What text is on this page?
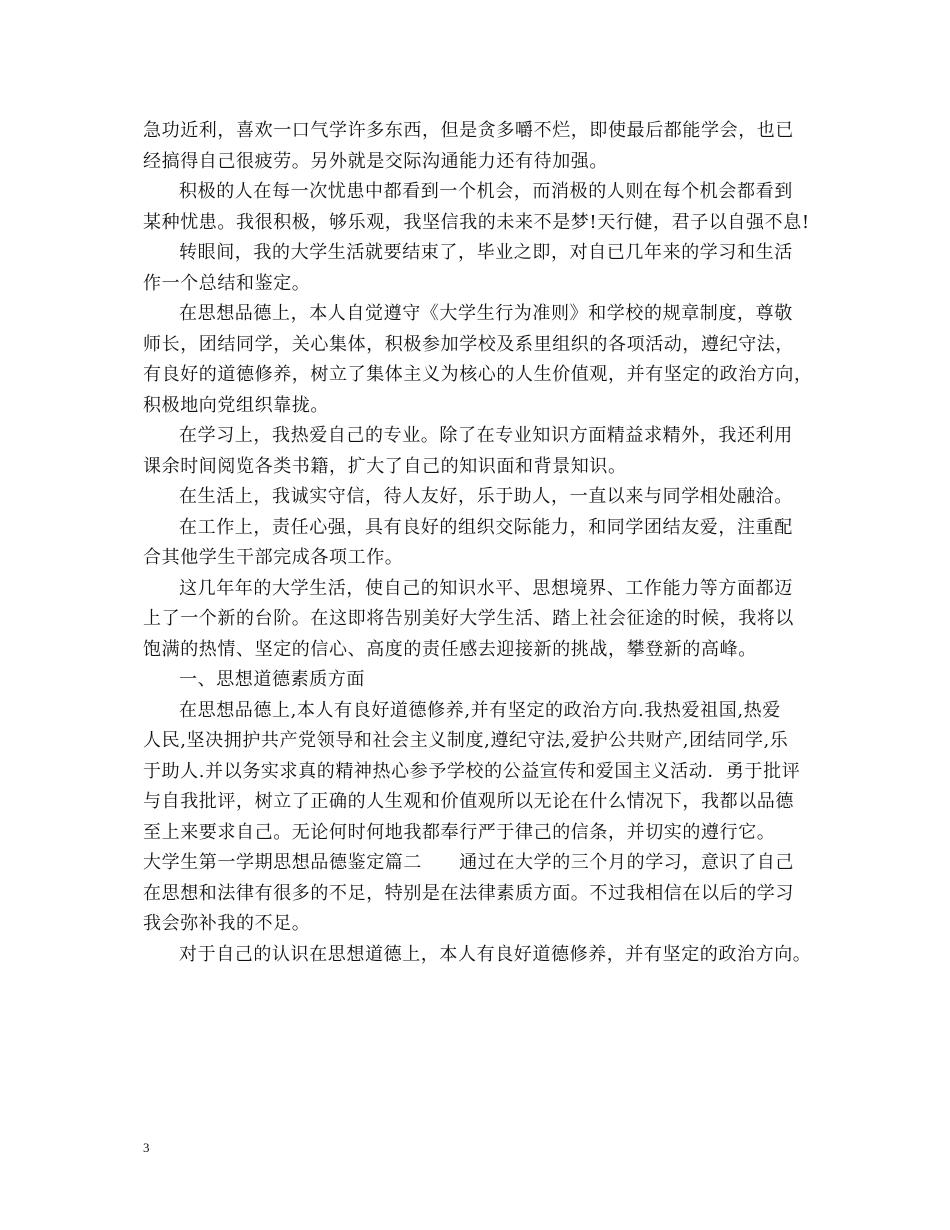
急功近利，喜欢一口气学许多东西，但是贪多嚼不烂，即使最后都能学会，也已
经搞得自己很疲劳。另外就是交际沟通能力还有待加强。
积极的人在每一次忧患中都看到一个机会，而消极的人则在每个机会都看到
某种忧患。我很积极，够乐观，我坚信我的未来不是梦!天行健，君子以自强不息!
转眼间，我的大学生活就要结束了，毕业之即，对自已几年来的学习和生活
作一个总结和鉴定。
在思想品德上，本人自觉遵守《大学生行为准则》和学校的规章制度，尊敬
师长，团结同学，关心集体，积极参加学校及系里组织的各项活动，遵纪守法，
有良好的道德修养，树立了集体主义为核心的人生价值观，并有坚定的政治方向，
积极地向党组织靠拢。
在学习上，我热爱自己的专业。除了在专业知识方面精益求精外，我还利用
课余时间阅览各类书籍，扩大了自己的知识面和背景知识。
在生活上，我诚实守信，待人友好，乐于助人，一直以来与同学相处融洽。
在工作上，责任心强，具有良好的组织交际能力，和同学团结友爱，注重配
合其他学生干部完成各项工作。
这几年年的大学生活，使自己的知识水平、思想境界、工作能力等方面都迈
上了一个新的台阶。在这即将告别美好大学生活、踏上社会征途的时候，我将以
饱满的热情、坚定的信心、高度的责任感去迎接新的挑战，攀登新的高峰。
一、思想道德素质方面
在思想品德上,本人有良好道德修养,并有坚定的政治方向.我热爱祖国,热爱
人民,坚决拥护共产党领导和社会主义制度,遵纪守法,爱护公共财产,团结同学,乐
于助人.并以务实求真的精神热心参予学校的公益宣传和爱国主义活动．勇于批评
与自我批评，树立了正确的人生观和价值观所以无论在什么情况下，我都以品德
至上来要求自己。无论何时何地我都奉行严于律己的信条，并切实的遵行它。
大学生第一学期思想品德鉴定篇二　　通过在大学的三个月的学习，意识了自己
在思想和法律有很多的不足，特别是在法律素质方面。不过我相信在以后的学习
我会弥补我的不足。
对于自己的认识在思想道德上，本人有良好道德修养，并有坚定的政治方向。
3
